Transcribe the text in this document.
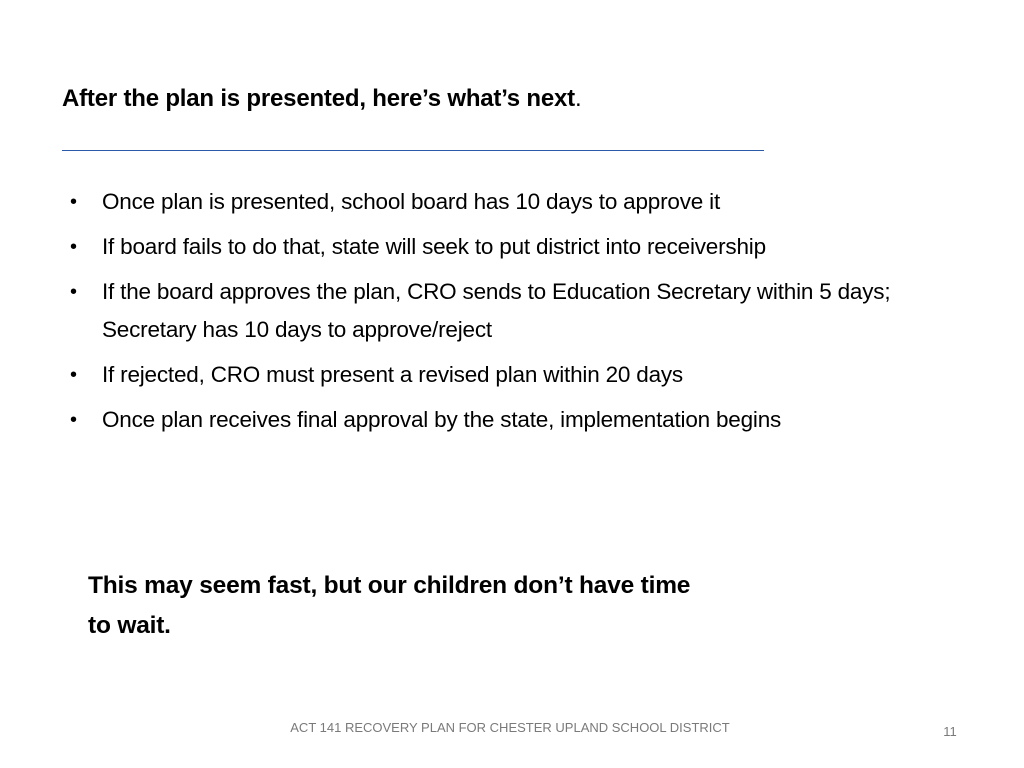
After the plan is presented, here’s what’s next.
• Once plan is presented, school board has 10 days to approve it
• If board fails to do that, state will seek to put district into receivership
• If the board approves the plan, CRO sends to Education Secretary within 5 days; Secretary has 10 days to approve/reject
• If rejected, CRO must present a revised plan within 20 days
• Once plan receives final approval by the state, implementation begins
This may seem fast, but our children don’t have time
to wait.
ACT 141 RECOVERY PLAN FOR CHESTER UPLAND SCHOOL DISTRICT	11
